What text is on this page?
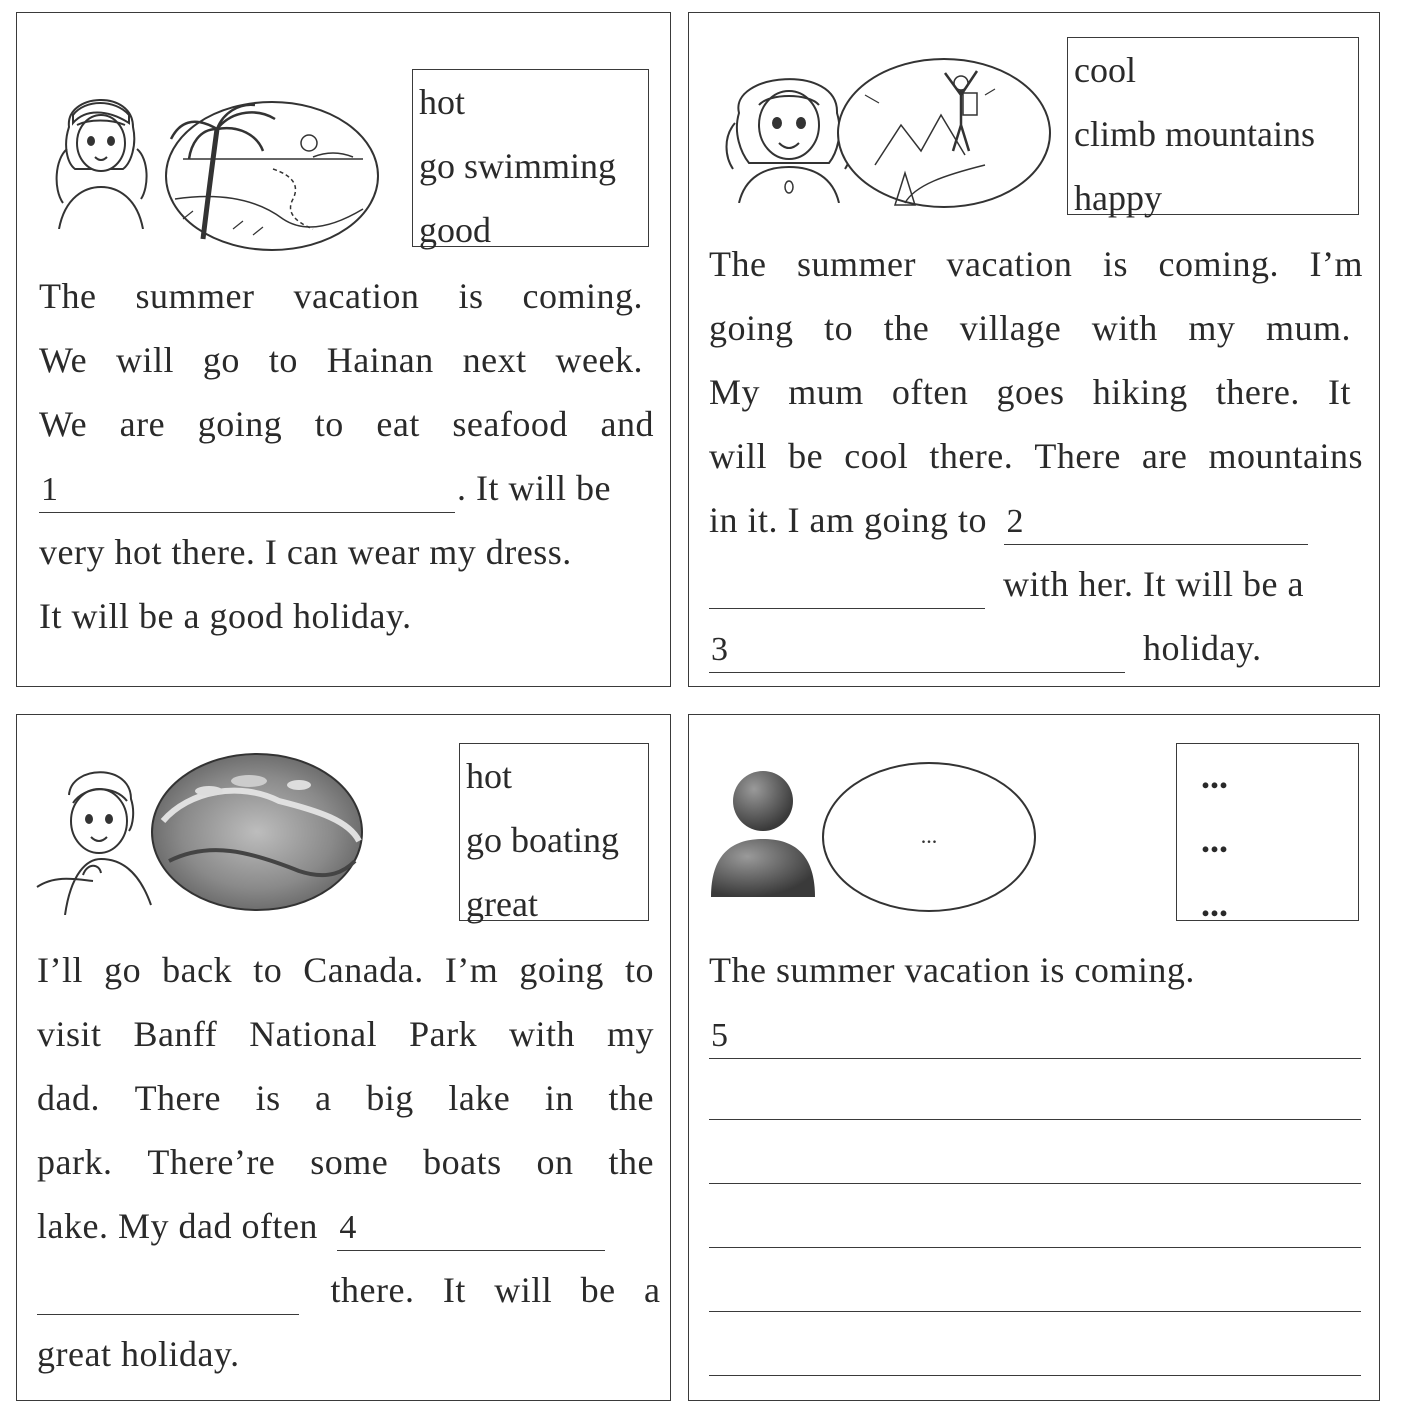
hot
go swimming
good
The summer vacation is coming.
We will go to Hainan next week.
We are going to eat seafood and
1	. It will be
very hot there. I can wear my dress.
It will be a good holiday.
cool
climb mountains
happy
The summer vacation is coming. I’m
going to the village with my mum.
My mum often goes hiking there. It
will be cool there. There are mountains
in it. I am going to 2
with her. It will be a
3	holiday.
hot
go boating
great
I’ll go back to Canada. I’m going to
visit Banff National Park with my
dad. There is a big lake in the
park. There’re some boats on the
lake. My dad often 4

there. It will be a
great holiday.
...
...
...
...
The summer vacation is coming.
5
